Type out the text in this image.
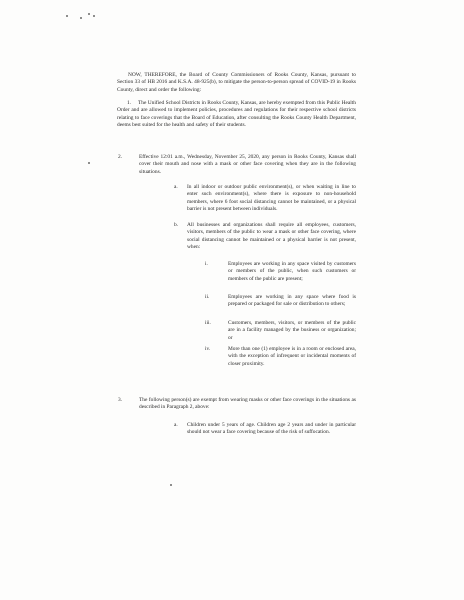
NOW, THEREFORE, the Board of County Commissioners of Rooks County, Kansas, pursuant to Section 33 of HB 2016 and K.S.A. 48-925(b), to mitigate the person-to-person spread of COVID-19 in Rooks County, direct and order the following:

1. The Unified School Districts in Rooks County, Kansas, are hereby exempted from this Public Health Order and are allowed to implement policies, procedures and regulations for their respective school districts relating to face coverings that the Board of Education, after consulting the Rooks County Health Department, deems best suited for the health and safety of their students.

2.	Effective 12:01 a.m., Wednesday, November 25, 2020, any person in Rooks County, Kansas shall cover their mouth and nose with a mask or other face covering when they are in the following situations.

a. In all indoor or outdoor public environment(s), or when waiting in line to enter such environment(s), where there is exposure to non-household members, where 6 foot social distancing cannot be maintained, or a physical barrier is not present between individuals.

b. All businesses and organizations shall require all employees, customers, visitors, members of the public to wear a mask or other face covering, where social distancing cannot be maintained or a physical barrier is not present, when:

i.	Employees are working in any space visited by customers or members of the public, when such customers or members of the public are present;

ii.	Employees are working in any space where food is prepared or packaged for sale or distribution to others;

iii.	Customers, members, visitors, or members of the public are in a facility managed by the business or organization; or

iv.	More than one (1) employee is in a room or enclosed area, with the exception of infrequent or incidental moments of closer proximity.

3.	The following person(s) are exempt from wearing masks or other face coverings in the situations as described in Paragraph 2, above:

a. Children under 5 years of age. Children age 2 years and under in particular should not wear a face covering because of the risk of suffocation.
